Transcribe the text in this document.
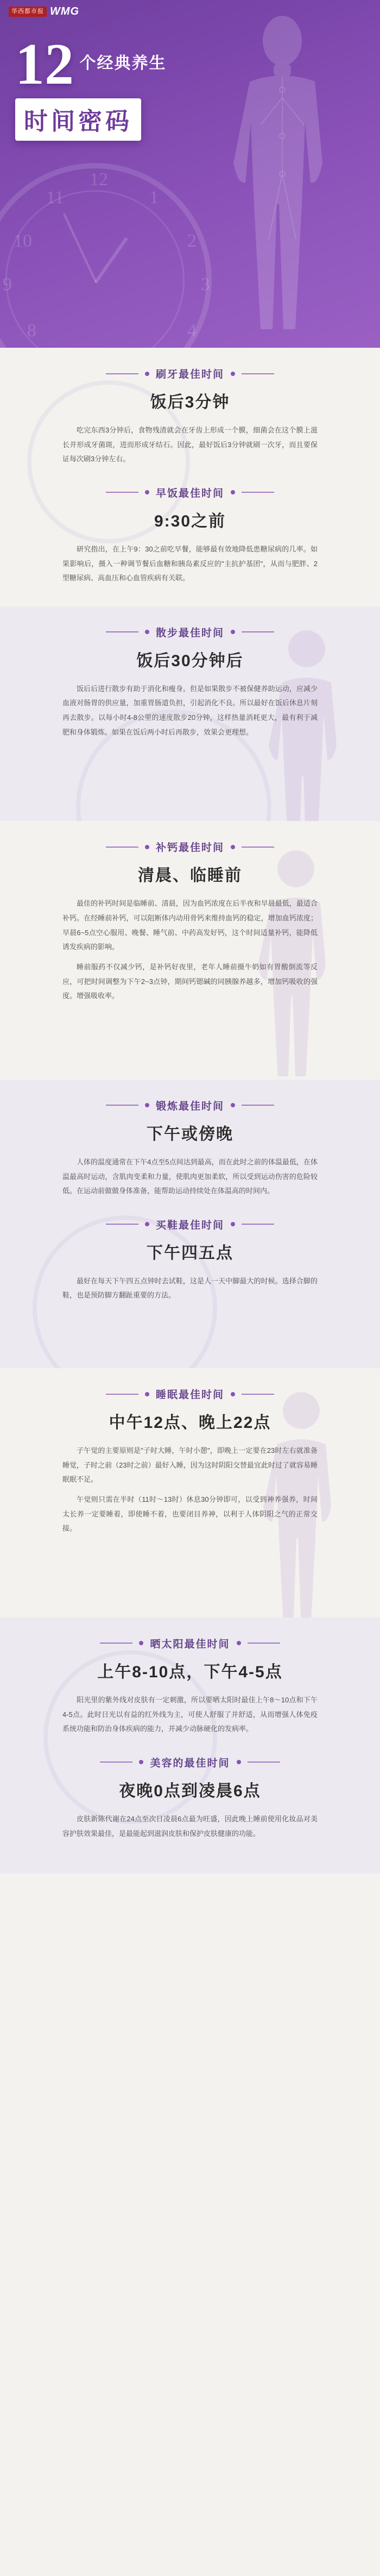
华西都市报 WMG
12
1
2
3
4
8
9
10
11
12 个经典养生
时间密码
刷牙最佳时间
饭后3分钟
吃完东西3分钟后，食物残渣就会在牙齿上形成一个膜，细菌会在这个膜上滋长并形成牙菌斑，进而形成牙结石。因此，最好饭后3分钟就刷一次牙，而且要保证每次刷3分钟左右。
早饭最佳时间
9:30之前
研究指出，在上午9：30之前吃早餐，能够最有效地降低患糖尿病的几率。如果影响后，摄入一种调节餐后血糖和胰岛素反应的"主抗护基团"，从而与肥胖、2型糖尿病、高血压和心血管疾病有关联。
散步最佳时间
饭后30分钟后
饭后后进行散步有助于消化和瘦身。但是如果散步不被保健养助运动，应减少血液对肠胃的供应量，加重胃肠道负担，引起消化不良。所以最好在饭后休息片刻再去散步。以每小时4-8公里的速度散步20分钟，这样热量消耗更大，最有利于减肥和身体锻炼。如果在饭后两小时后再散步，效果会更理想。
补钙最佳时间
清晨、临睡前
最佳的补钙时间是临睡前、清晨，因为血钙浓度在后半夜和早晨最低，最适合补钙。在经睡前补钙，可以阻断体内动用骨钙来维持血钙的稳定，增加血钙浓度；早晨6~5点空心服用、晚餐、睡气前、中药高发好钙，这个时间适量补钙，能降低诱发疾病的影响。
睡前服药不仅减少钙，是补钙好夜里，老年人睡前摄牛奶如有胃酸倒流等反应，可把时间调整为下午2~3点钟，期间钙锶碱的同胰腺养越多，增加钙吸收的强度。增强吸收率。
锻炼最佳时间
下午或傍晚
人体的温度通常在下午4点至5点间达到最高，而在此时之前的体温最低，在体温最高时运动，含肌肉变柔和力量，使肌肉更加柔软，所以受到运动伤害的危险较低。在运动前做做身体准备，能帮助运动持续处在体温高的时间内。
买鞋最佳时间
下午四五点
最好在每天下午四五点钟时去试鞋，这是人一天中脚最大的时候。选择合脚的鞋，也是预防脚方翻趾重要的方法。
睡眠最佳时间
中午12点、晚上22点
子午觉的主要原则是"子时大睡，午时小憩"，即晚上一定要在23时左右就准备睡觉，子时之前（23时之前）最好入睡，因为这时阴阳交替最宜此时过了就容易睡眠眠不足。
午觉则只需在半时（11时～13时）休息30分钟即可，以受到神养强养，时间太长养一定要睡着，即使睡不着，也要闭目养神，以利于人体阴阳之气的正常交接。
晒太阳最佳时间
上午8-10点，下午4-5点
阳光里的紫外线对皮肤有一定刺激，所以要晒太阳时最佳上午8～10点和下午4-5点。此时日光以有益的红外线为主，可使人舒服了并舒适，从而增强人体免疫系统功能和防治身体疾病的能力，并减少动脉硬化的发病率。
美容的最佳时间
夜晚0点到凌晨6点
皮肤新陈代谢在24点至次日凌晨6点最为旺盛，因此晚上睡前使用化妆品对美容护肤效果最佳，是最能起到滋润皮肤和保护皮肤健康的功能。
